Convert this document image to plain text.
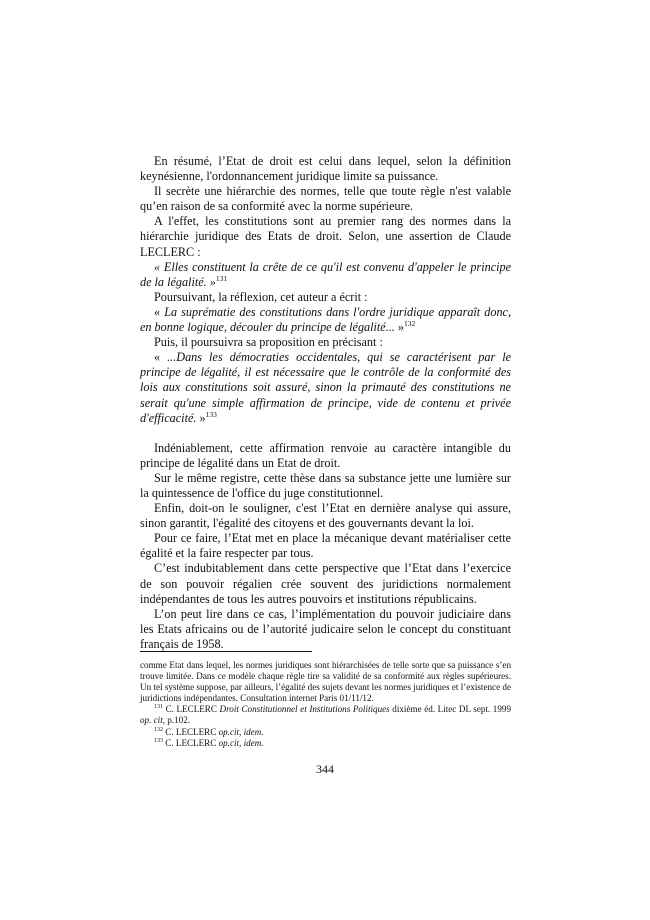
En résumé, l’Etat de droit est celui dans lequel, selon la définition keynésienne, l'ordonnancement juridique limite sa puissance.

Il secrète une hiérarchie des normes, telle que toute règle n'est valable qu’en raison de sa conformité avec la norme supérieure.

A l'effet, les constitutions sont au premier rang des normes dans la hiérarchie juridique des Etats de droit. Selon, une assertion de Claude LECLERC :

« Elles constituent la crête de ce qu'il est convenu d'appeler le principe de la légalité. »$^{131}$

Poursuivant, la réflexion, cet auteur a écrit :

« La suprématie des constitutions dans l'ordre juridique apparaît donc, en bonne logique, découler du principe de légalité... »$^{132}$

Puis, il poursuivra sa proposition en précisant :

« ...Dans les démocraties occidentales, qui se caractérisent par le principe de légalité, il est nécessaire que le contrôle de la conformité des lois aux constitutions soit assuré, sinon la primauté des constitutions ne serait qu'une simple affirmation de principe, vide de contenu et privée d'efficacité. »$^{133}$

Indéniablement, cette affirmation renvoie au caractère intangible du principe de légalité dans un Etat de droit.

Sur le même registre, cette thèse dans sa substance jette une lumière sur la quintessence de l'office du juge constitutionnel.

Enfin, doit-on le souligner, c'est l’Etat en dernière analyse qui assure, sinon garantit, l'égalité des citoyens et des gouvernants devant la loi.

Pour ce faire, l’Etat met en place la mécanique devant matérialiser cette égalité et la faire respecter par tous.

C’est indubitablement dans cette perspective que l’Etat dans l’exercice de son pouvoir régalien crée souvent des juridictions normalement indépendantes de tous les autres pouvoirs et institutions républicains.

L’on peut lire dans ce cas, l’implémentation du pouvoir judiciaire dans les Etats africains ou de l’autorité judicaire selon le concept du constituant français de 1958.

comme Etat dans lequel, les normes juridiques sont hiérarchisées de telle sorte que sa puissance s’en trouve limitée. Dans ce modèle chaque règle tire sa validité de sa conformité aux règles supérieures. Un tel système suppose, par ailleurs, l’égalité des sujets devant les normes juridiques et l’existence de juridictions indépendantes. Consultation internet Paris 01/11/12.

$^{131}$ C. LECLERC Droit Constitutionnel et Institutions Politiques dixième éd. Litec DL sept. 1999 op. cit, p.102.

$^{132}$ C. LECLERC op.cit, idem.

$^{133}$ C. LECLERC op.cit, idem.

344
